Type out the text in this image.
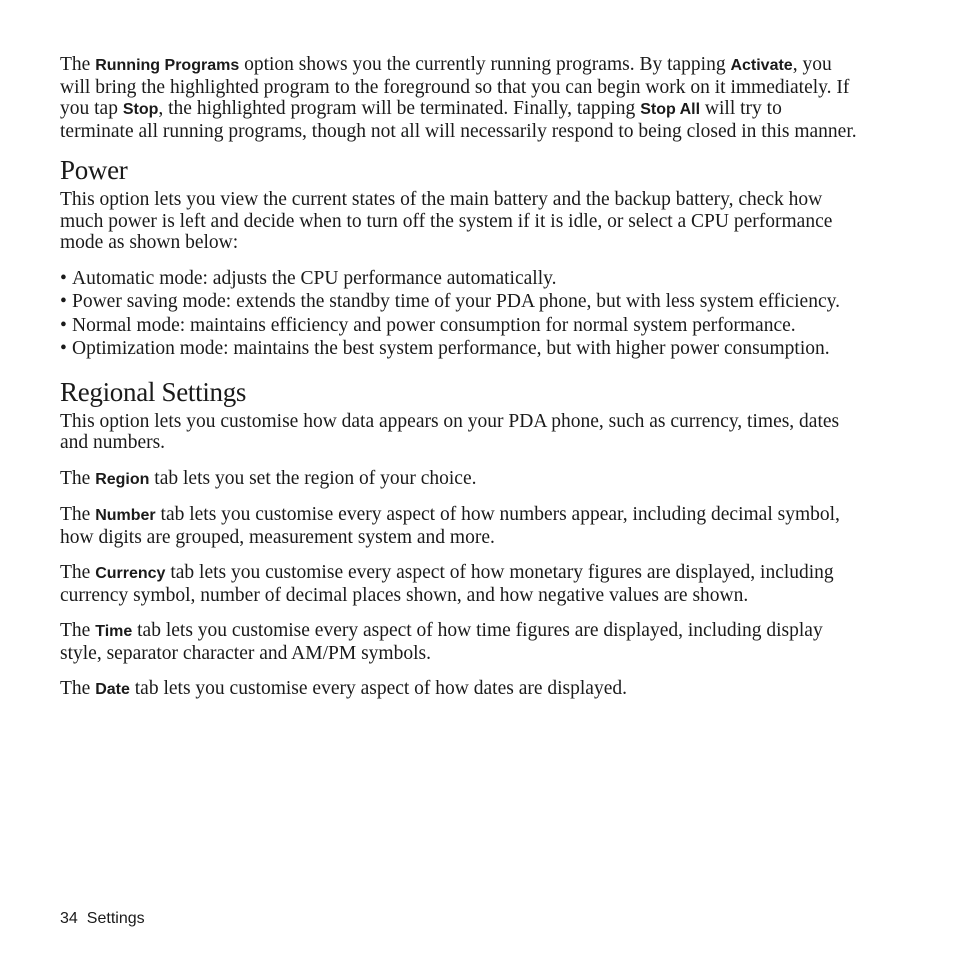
The Running Programs option shows you the currently running programs. By tapping Activate, you will bring the highlighted program to the foreground so that you can begin work on it immediately. If you tap Stop, the highlighted program will be terminated. Finally, tapping Stop All will try to terminate all running programs, though not all will necessarily respond to being closed in this manner.

Power

This option lets you view the current states of the main battery and the backup battery, check how much power is left and decide when to turn off the system if it is idle, or select a CPU performance mode as shown below:

• Automatic mode: adjusts the CPU performance automatically.
• Power saving mode: extends the standby time of your PDA phone, but with less system efficiency.
• Normal mode: maintains efficiency and power consumption for normal system performance.
• Optimization mode: maintains the best system performance, but with higher power consumption.
Regional Settings

This option lets you customise how data appears on your PDA phone, such as currency, times, dates and numbers.

The Region tab lets you set the region of your choice.

The Number tab lets you customise every aspect of how numbers appear, including decimal symbol, how digits are grouped, measurement system and more.

The Currency tab lets you customise every aspect of how monetary figures are displayed, including currency symbol, number of decimal places shown, and how negative values are shown.

The Time tab lets you customise every aspect of how time figures are displayed, including display style, separator character and AM/PM symbols.

The Date tab lets you customise every aspect of how dates are displayed.

34 Settings
